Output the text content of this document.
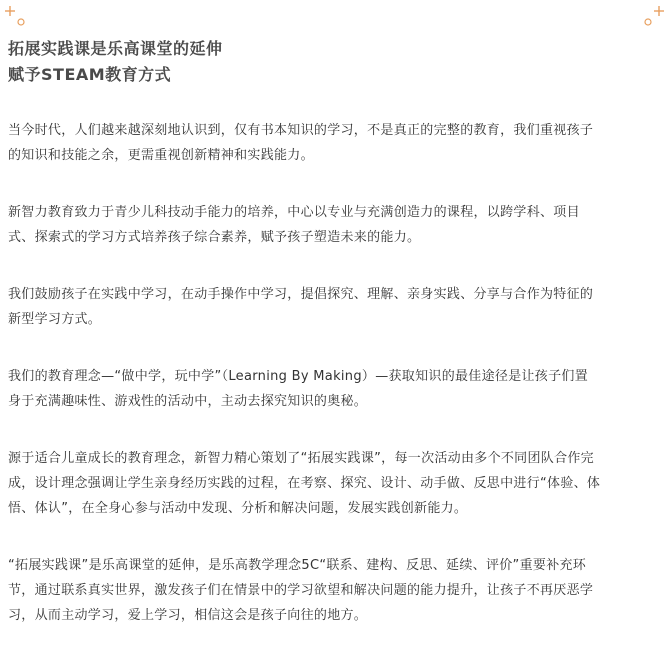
拓展实践课是乐高课堂的延伸
赋予STEAM教育方式

当今时代，人们越来越深刻地认识到，仅有书本知识的学习，不是真正的完整的教育，我们重视孩子
的知识和技能之余，更需重视创新精神和实践能力。

新智力教育致力于青少儿科技动手能力的培养，中心以专业与充满创造力的课程，以跨学科、项目
式、探索式的学习方式培养孩子综合素养，赋予孩子塑造未来的能力。

我们鼓励孩子在实践中学习，在动手操作中学习，提倡探究、理解、亲身实践、分享与合作为特征的
新型学习方式。

我们的教育理念—“做中学，玩中学”（Learning By Making）—获取知识的最佳途径是让孩子们置
身于充满趣味性、游戏性的活动中，主动去探究知识的奥秘。

源于适合儿童成长的教育理念，新智力精心策划了“拓展实践课”，每一次活动由多个不同团队合作完
成，设计理念强调让学生亲身经历实践的过程，在考察、探究、设计、动手做、反思中进行“体验、体
悟、体认”，在全身心参与活动中发现、分析和解决问题，发展实践创新能力。

“拓展实践课”是乐高课堂的延伸，是乐高教学理念5C“联系、建构、反思、延续、评价”重要补充环
节，通过联系真实世界，激发孩子们在情景中的学习欲望和解决问题的能力提升，让孩子不再厌恶学
习，从而主动学习，爱上学习，相信这会是孩子向往的地方。
